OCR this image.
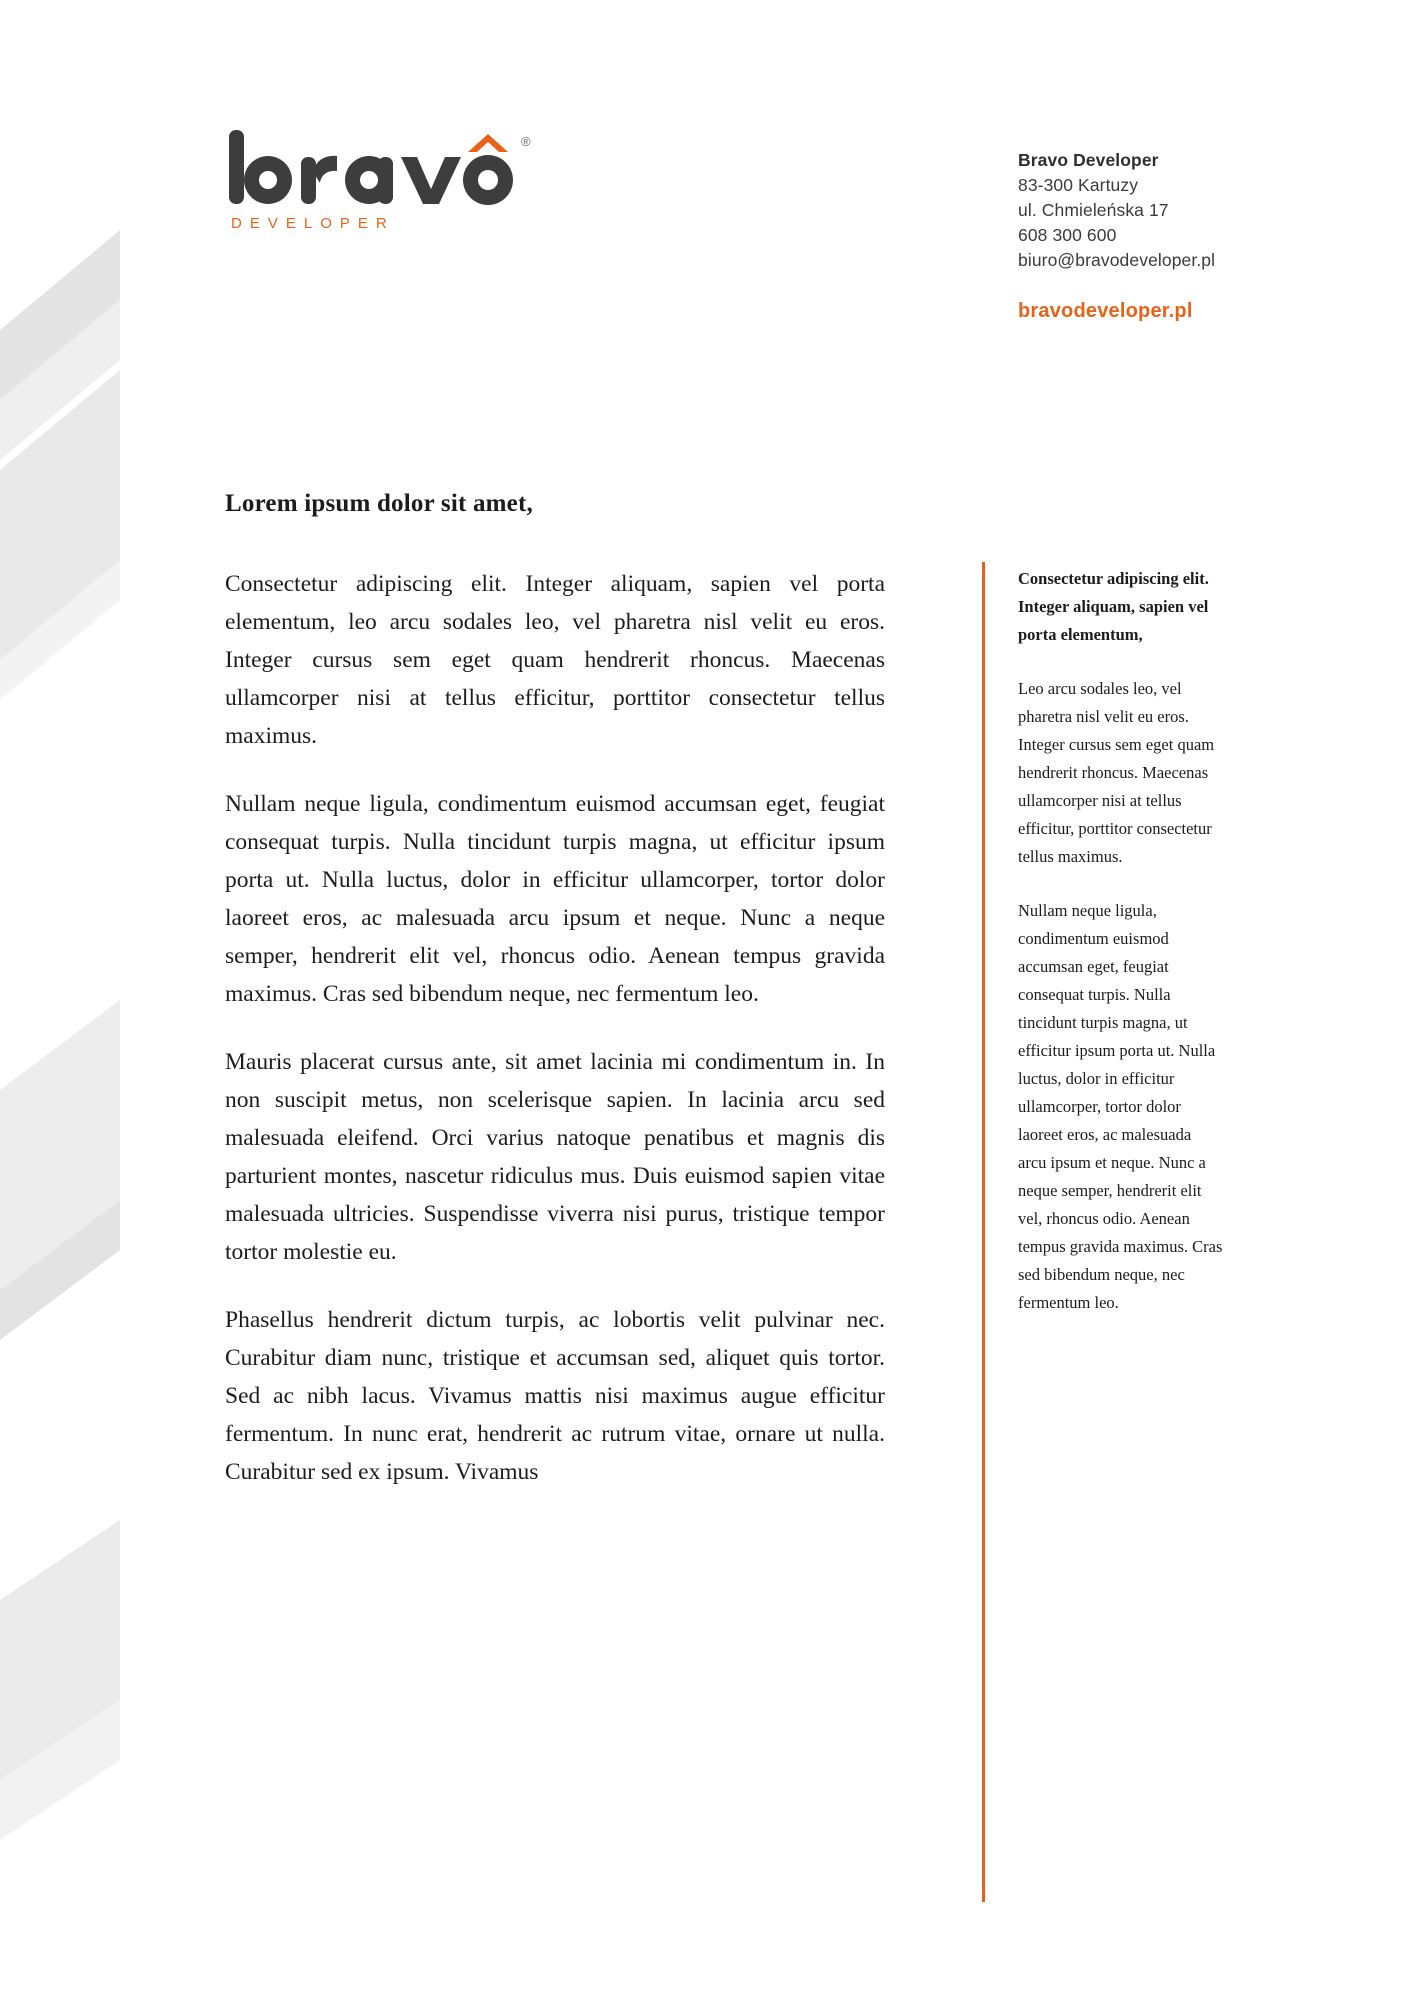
®
DEVELOPER
Bravo Developer
83-300 Kartuzy
ul. Chmieleńska 17
608 300 600
biuro@bravodeveloper.pl
bravodeveloper.pl
Lorem ipsum dolor sit amet,

Consectetur adipiscing elit. Integer aliquam, sapien vel porta elementum, leo arcu sodales leo, vel pharetra nisl velit eu eros. Integer cursus sem eget quam hendrerit rhoncus. Maecenas ullamcorper nisi at tellus efficitur, porttitor consectetur tellus maximus.

Nullam neque ligula, condimentum euismod accumsan eget, feugiat consequat turpis. Nulla tincidunt turpis magna, ut efficitur ipsum porta ut. Nulla luctus, dolor in efficitur ullamcorper, tortor dolor laoreet eros, ac malesuada arcu ipsum et neque. Nunc a neque semper, hendrerit elit vel, rhoncus odio. Aenean tempus gravida maximus. Cras sed bibendum neque, nec fermentum leo.

Mauris placerat cursus ante, sit amet lacinia mi condimentum in. In non suscipit metus, non scelerisque sapien. In lacinia arcu sed malesuada eleifend. Orci varius natoque penatibus et magnis dis parturient montes, nascetur ridiculus mus. Duis euismod sapien vitae malesuada ultricies. Suspendisse viverra nisi purus, tristique tempor tortor molestie eu.

Phasellus hendrerit dictum turpis, ac lobortis velit pulvinar nec. Curabitur diam nunc, tristique et accumsan sed, aliquet quis tortor. Sed ac nibh lacus. Vivamus mattis nisi maximus augue efficitur fermentum. In nunc erat, hendrerit ac rutrum vitae, ornare ut nulla. Curabitur sed ex ipsum. Vivamus

Consectetur adipiscing elit. Integer aliquam, sapien vel porta elementum,

Leo arcu sodales leo, vel pharetra nisl velit eu eros. Integer cursus sem eget quam hendrerit rhoncus. Maecenas ullamcorper nisi at tellus efficitur, porttitor consectetur tellus maximus.

Nullam neque ligula, condimentum euismod accumsan eget, feugiat consequat turpis. Nulla tincidunt turpis magna, ut efficitur ipsum porta ut. Nulla luctus, dolor in efficitur ullamcorper, tortor dolor laoreet eros, ac malesuada arcu ipsum et neque. Nunc a neque semper, hendrerit elit vel, rhoncus odio. Aenean tempus gravida maximus. Cras sed bibendum neque, nec fermentum leo.
